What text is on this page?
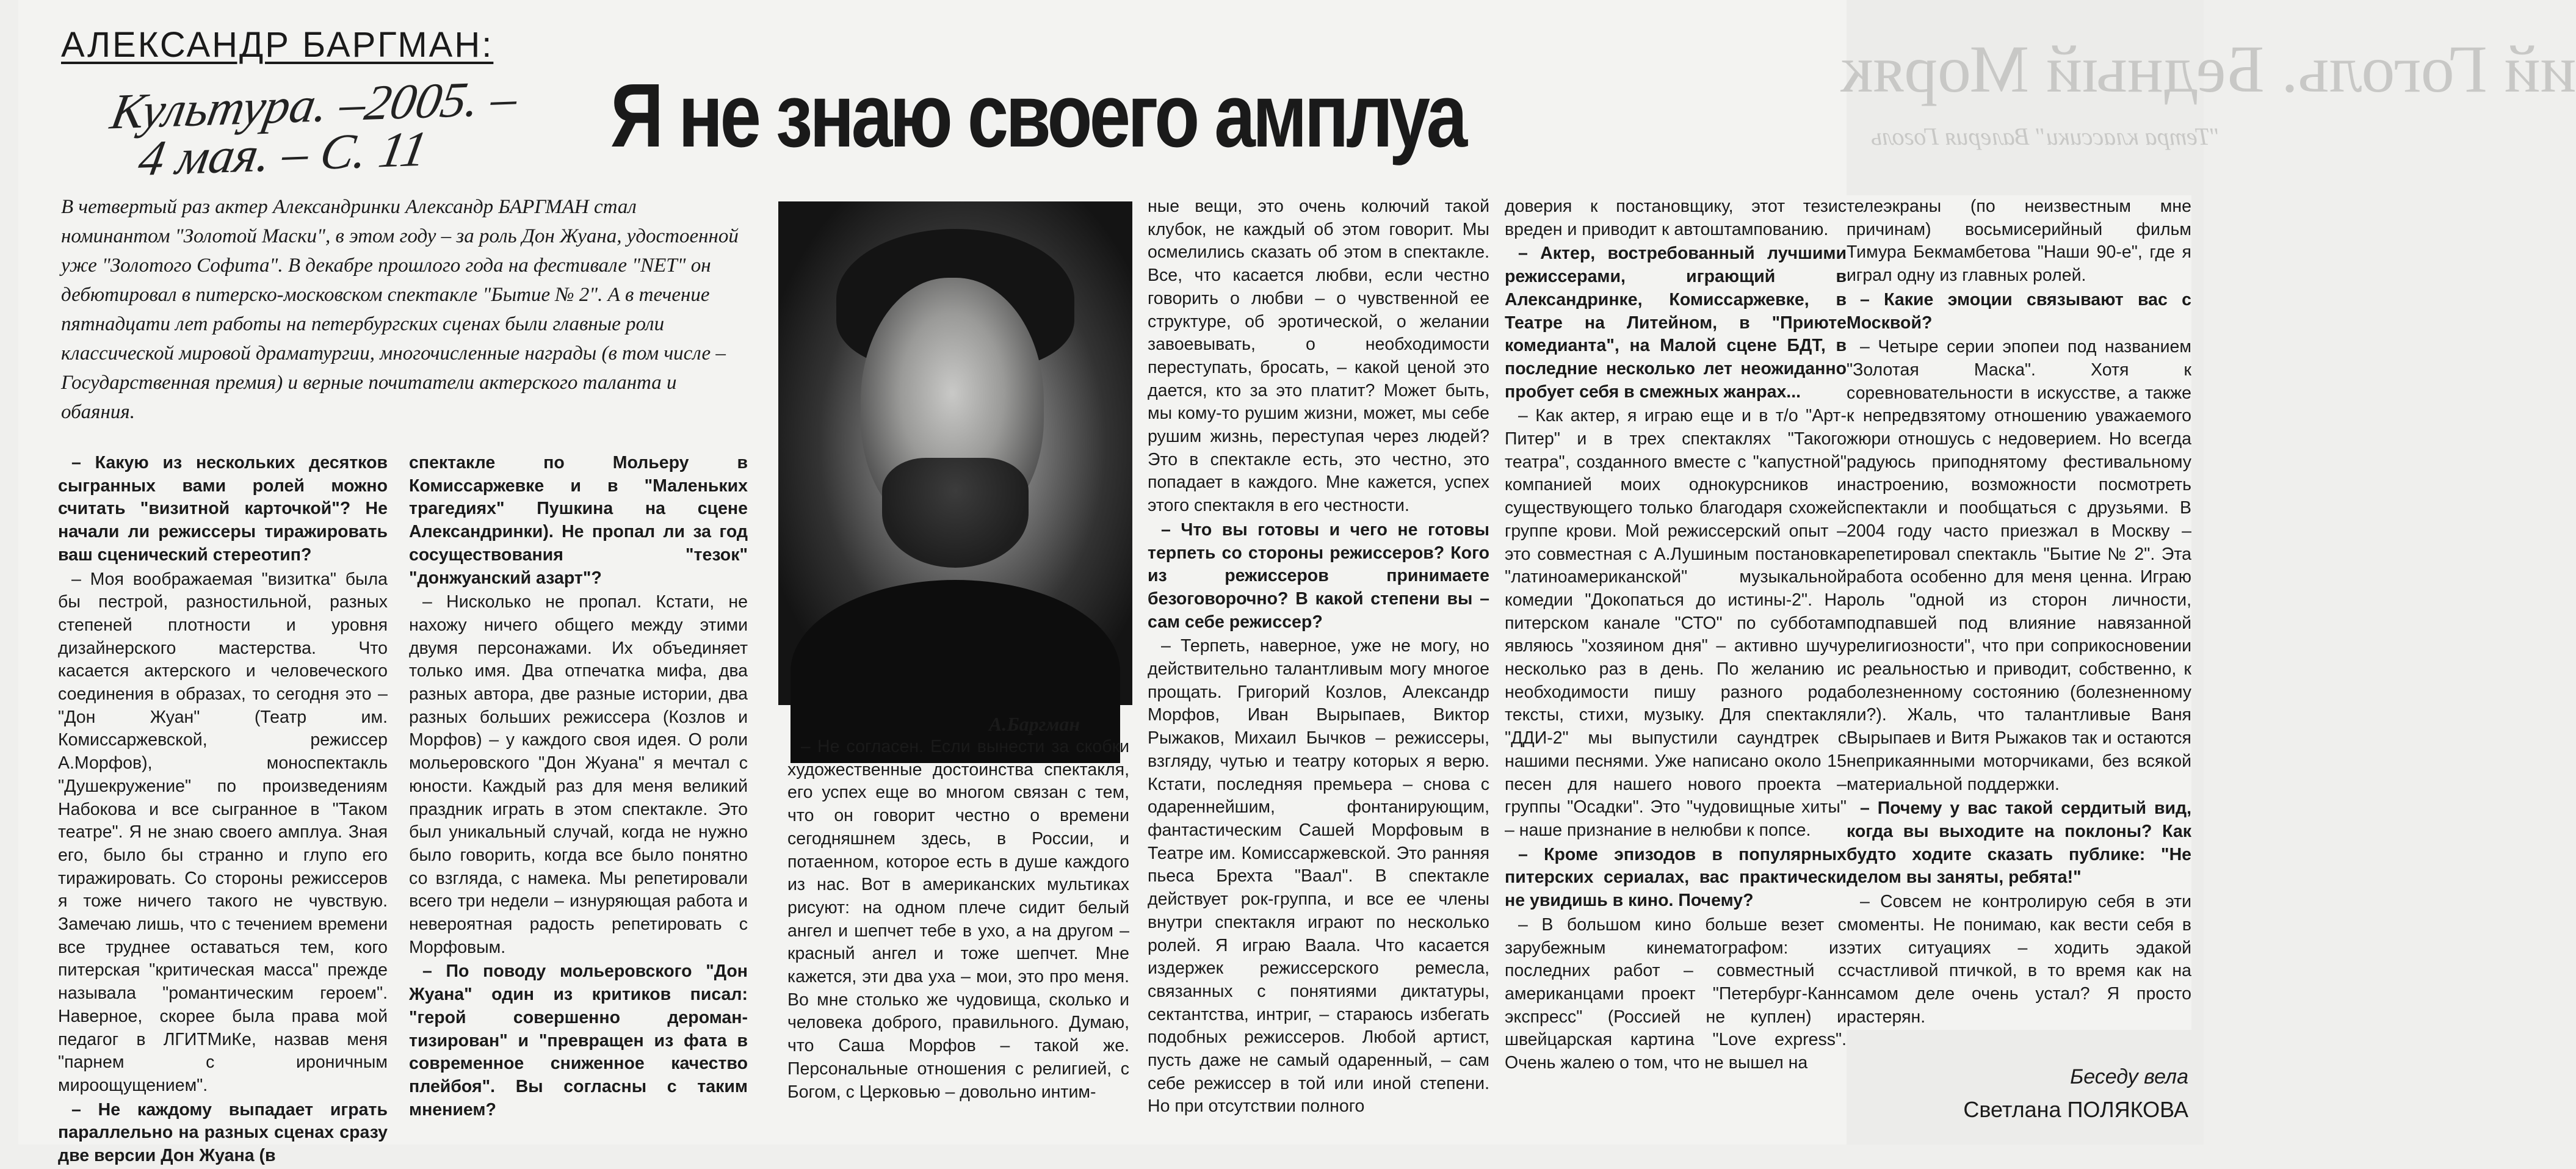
ий Гоголь. Бедный Моряк
"Тетра классики" Валерия Гоголь
АЛЕКСАНДР БАРГМАН:
Культура. –2005. –
4 мая. – С. 11 Я не знаю своего амплуа
В четвертый раз актер Александринки Александр БАРГМАН стал номинантом "Золотой Маски", в этом году – за роль Дон Жуана, удостоенной уже "Золотого Софита". В декабре прошлого года на фестивале "NET" он дебютировал в питерско-московском спектакле "Бытие № 2". А в течение пятнадцати лет работы на петербургских сценах были главные роли классической мировой драматургии, многочисленные награды (в том числе – Государственная премия) и верные почитатели актерского таланта и обаяния.
А.Баргман

– Какую из нескольких десятков сыгранных вами ролей можно считать "визитной карточкой"? Не начали ли режиссеры тиражировать ваш сценический стереотип?

– Моя воображаемая "визитка" была бы пестрой, разностильной, разных степеней плотности и уровня дизайнерского мастерства. Что касается актерского и человеческого соединения в образах, то сегодня это – "Дон Жуан" (Театр им. Комиссаржевской, режиссер А.Морфов), моноспектакль "Душекружение" по произведениям Набокова и все сыгранное в "Таком театре". Я не знаю своего амплуа. Зная его, было бы странно и глупо его тиражировать. Со стороны режиссеров я тоже ничего такого не чувствую. Замечаю лишь, что с течением времени все труднее оставаться тем, кого питерская "критическая масса" прежде называла "романтическим героем". Наверное, скорее была права мой педагог в ЛГИТМиКе, назвав меня "парнем с ироничным мироощущением".

– Не каждому выпадает играть параллельно на разных сценах сразу две версии Дон Жуана (в

спектакле по Мольеру в Комиссаржевке и в "Маленьких трагедиях" Пушкина на сцене Александринки). Не пропал ли за год сосуществования "тезок" "донжуанский азарт"?

– Нисколько не пропал. Кстати, не нахожу ничего общего между этими двумя персонажами. Их объединяет только имя. Два отпечатка мифа, два разных автора, две разные истории, два разных больших режиссера (Козлов и Морфов) – у каждого своя идея. О роли мольеровского "Дон Жуана" я мечтал с юности. Каждый раз для меня великий праздник играть в этом спектакле. Это был уникальный случай, когда не нужно было говорить, когда все было понятно со взгляда, с намека. Мы репетировали всего три недели – изнуряющая работа и невероятная радость репетировать с Морфовым.

– По поводу мольеровского "Дон Жуана" один из критиков писал: "герой совершенно дероман-тизирован" и "превращен из фата в современное сниженное качество плейбоя". Вы согласны с таким мнением?

– Не согласен. Если вынести за скобки художественные достоинства спектакля, его успех еще во многом связан с тем, что он говорит честно о времени сегодняшнем здесь, в России, и потаенном, которое есть в душе каждого из нас. Вот в американских мультиках рисуют: на одном плече сидит белый ангел и шепчет тебе в ухо, а на другом – красный ангел и тоже шепчет. Мне кажется, эти два уха – мои, это про меня. Во мне столько же чудовища, сколько и человека доброго, правильного. Думаю, что Саша Морфов – такой же. Персональные отношения с религией, с Богом, с Церковью – довольно интим-

ные вещи, это очень колючий такой клубок, не каждый об этом говорит. Мы осмелились сказать об этом в спектакле. Все, что касается любви, если честно говорить о любви – о чувственной ее структуре, об эротической, о желании завоевывать, о необходимости переступать, бросать, – какой ценой это дается, кто за это платит? Может быть, мы кому-то рушим жизни, может, мы себе рушим жизнь, переступая через людей? Это в спектакле есть, это честно, это попадает в каждого. Мне кажется, успех этого спектакля в его честности.

– Что вы готовы и чего не готовы терпеть со стороны режиссеров? Кого из режиссеров принимаете безоговорочно? В какой степени вы – сам себе режиссер?

– Терпеть, наверное, уже не могу, но действительно талантливым могу многое прощать. Григорий Козлов, Александр Морфов, Иван Вырыпаев, Виктор Рыжаков, Михаил Бычков – режиссеры, взгляду, чутью и театру которых я верю. Кстати, последняя премьера – снова с одареннейшим, фонтанирующим, фантастическим Сашей Морфовым в Театре им. Комиссаржевской. Это ранняя пьеса Брехта "Ваал". В спектакле действует рок-группа, и все ее члены внутри спектакля играют по несколько ролей. Я играю Ваала. Что касается издержек режиссерского ремесла, связанных с понятиями диктатуры, сектантства, интриг, – стараюсь избегать подобных режиссеров. Любой артист, пусть даже не самый одаренный, – сам себе режиссер в той или иной степени. Но при отсутствии полного

доверия к постановщику, этот тезис вреден и приводит к автоштампованию.

– Актер, востребованный лучшими режиссерами, играющий в Александринке, Комиссаржевке, в Театре на Литейном, в "Приюте комедианта", на Малой сцене БДТ, в последние несколько лет неожиданно пробует себя в смежных жанрах...

– Как актер, я играю еще и в т/о "Арт-Питер" и в трех спектаклях "Такого театра", созданного вместе с "капустной" компанией моих однокурсников и существующего только благодаря схожей группе крови. Мой режиссерский опыт – это совместная с А.Лушиным постановка "латиноамериканской" музыкальной комедии "Докопаться до истины-2". На питерском канале "СТО" по субботам являюсь "хозяином дня" – активно шучу несколько раз в день. По желанию и необходимости пишу разного рода тексты, стихи, музыку. Для спектакля "ДДИ-2" мы выпустили саундтрек с нашими песнями. Уже написано около 15 песен для нашего нового проекта – группы "Осадки". Это "чудовищные хиты" – наше признание в нелюбви к попсе.

– Кроме эпизодов в популярных питерских сериалах, вас практически не увидишь в кино. Почему?

– В большом кино больше везет с зарубежным кинематографом: из последних работ – совместный с американцами проект "Петербург-Канн экспресс" (Россией не куплен) и швейцарская картина "Love express". Очень жалею о том, что не вышел на

телеэкраны (по неизвестным мне причинам) восьмисерийный фильм Тимура Бекмамбетова "Наши 90-е", где я играл одну из главных ролей.

– Какие эмоции связывают вас с Москвой?

– Четыре серии эпопеи под названием "Золотая Маска". Хотя к соревновательности в искусстве, а также к непредвзятому отношению уважаемого жюри отношусь с недоверием. Но всегда радуюсь приподнятому фестивальному настроению, возможности посмотреть спектакли и пообщаться с друзьями. В 2004 году часто приезжал в Москву – репетировал спектакль "Бытие № 2". Эта работа особенно для меня ценна. Играю роль "одной из сторон личности, подпавшей под влияние навязанной религиозности", что при соприкосновении с реальностью и приводит, собственно, к болезненному состоянию (болезненному ли?). Жаль, что талантливые Ваня Вырыпаев и Витя Рыжаков так и остаются неприкаянными моторчиками, без всякой материальной поддержки.

– Почему у вас такой сердитый вид, когда вы выходите на поклоны? Как будто ходите сказать публике: "Не делом вы заняты, ребята!"

– Совсем не контролирую себя в эти моменты. Не понимаю, как вести себя в этих ситуациях – ходить эдакой счастливой птичкой, в то время как на самом деле очень устал? Я просто растерян.

Беседу вела
Светлана ПОЛЯКОВА
